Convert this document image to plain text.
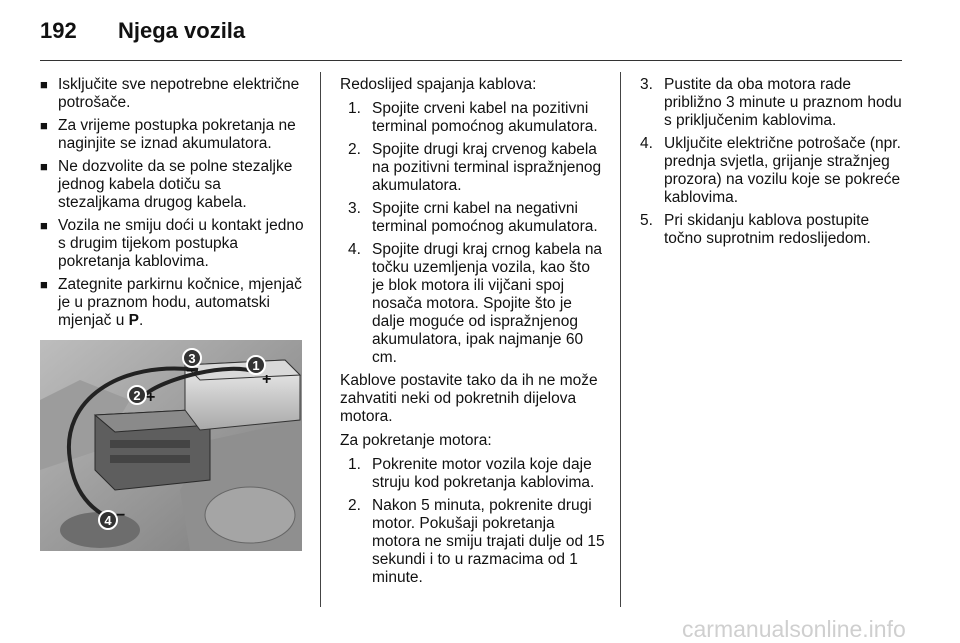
192	Njega vozila
■ Isključite sve nepotrebne električne potrošače.
■ Za vrijeme postupka pokretanja ne naginjite se iznad akumulatora.
■ Ne dozvolite da se polne stezaljke jednog kabela dotiču sa stezaljkama drugog kabela.
■ Vozila ne smiju doći u kontakt jedno s drugim tijekom postupka pokretanja kablovima.
■ Zategnite parkirnu kočnice, mjenjač je u praznom hodu, automatski mjenjač u P.
1
+
2 +
3
−
4 −

Redoslijed spajanja kablova:

1. Spojite crveni kabel na pozitivni terminal pomoćnog akumulatora.
2. Spojite drugi kraj crvenog kabela na pozitivni terminal ispražnjenog akumulatora.
3. Spojite crni kabel na negativni terminal pomoćnog akumulatora.
4. Spojite drugi kraj crnog kabela na točku uzemljenja vozila, kao što je blok motora ili vijčani spoj nosača motora. Spojite što je dalje moguće od ispražnjenog akumulatora, ipak najmanje 60 cm.

Kablove postavite tako da ih ne može zahvatiti neki od pokretnih dijelova motora.

Za pokretanje motora:

1. Pokrenite motor vozila koje daje struju kod pokretanja kablovima.
2. Nakon 5 minuta, pokrenite drugi motor. Pokušaji pokretanja motora ne smiju trajati dulje od 15 sekundi i to u razmacima od 1 minute.
3. Pustite da oba motora rade približno 3 minute u praznom hodu s priključenim kablovima.
4. Uključite električne potrošače (npr. prednja svjetla, grijanje stražnjeg prozora) na vozilu koje se pokreće kablovima.
5. Pri skidanju kablova postupite točno suprotnim redoslijedom.
carmanualsonline.info
